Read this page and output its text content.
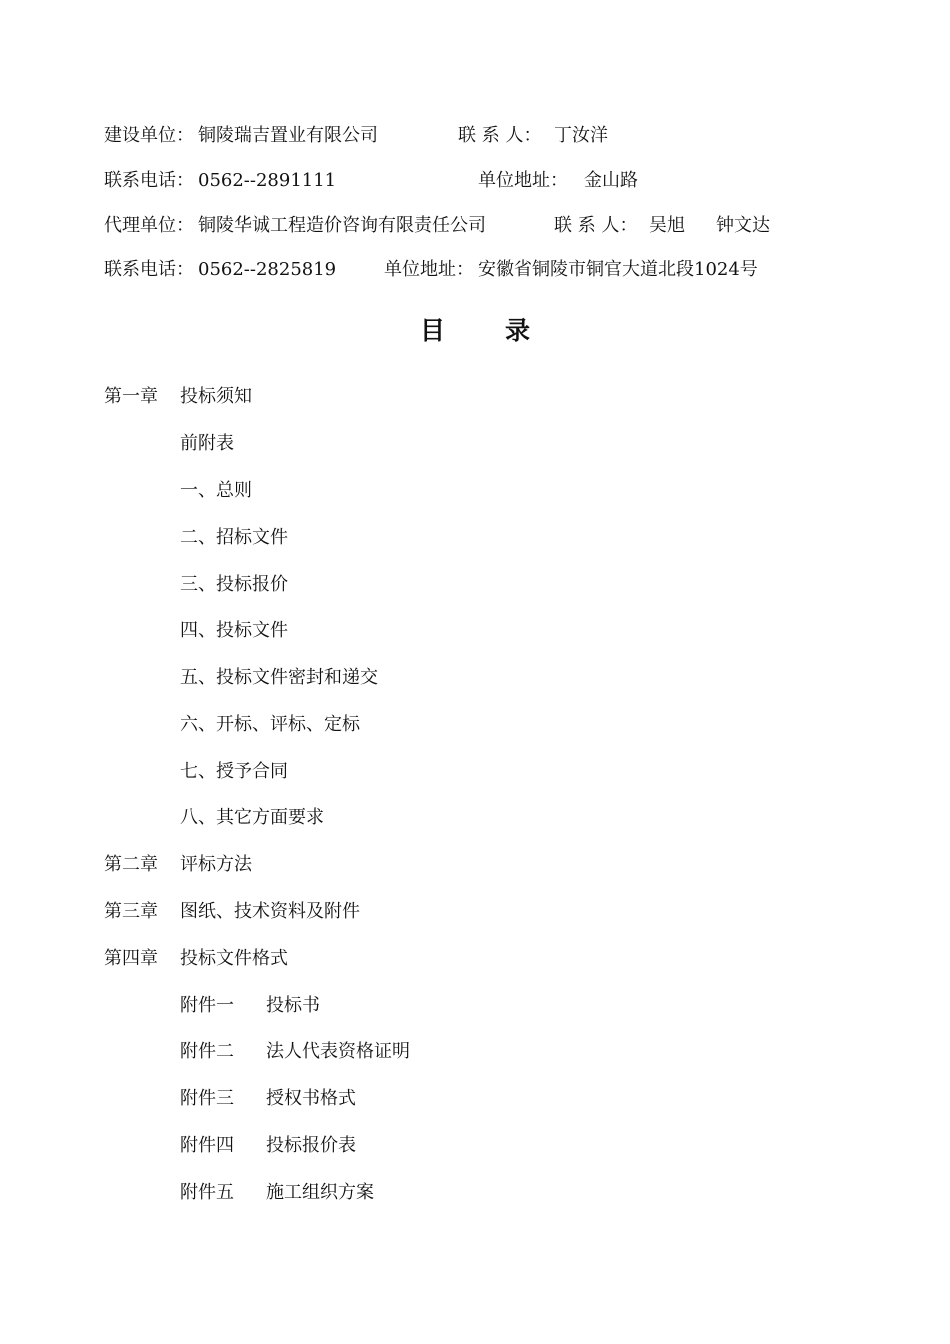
建设单位： 铜陵瑞吉置业有限公司	联 系 人： 丁汝洋
联系电话： 0562--2891111	单位地址： 金山路
代理单位： 铜陵华诚工程造价咨询有限责任公司	联 系 人： 吴旭 钟文达
联系电话： 0562--2825819	单位地址： 安徽省铜陵市铜官大道北段1024号
目 录
第一章 投标须知
前附表
一、总则
二、招标文件
三、投标报价
四、投标文件
五、投标文件密封和递交
六、开标、评标、定标
七、授予合同
八、其它方面要求
第二章 评标方法
第三章 图纸、技术资料及附件
第四章 投标文件格式
附件一 投标书
附件二 法人代表资格证明
附件三 授权书格式
附件四 投标报价表
附件五 施工组织方案
